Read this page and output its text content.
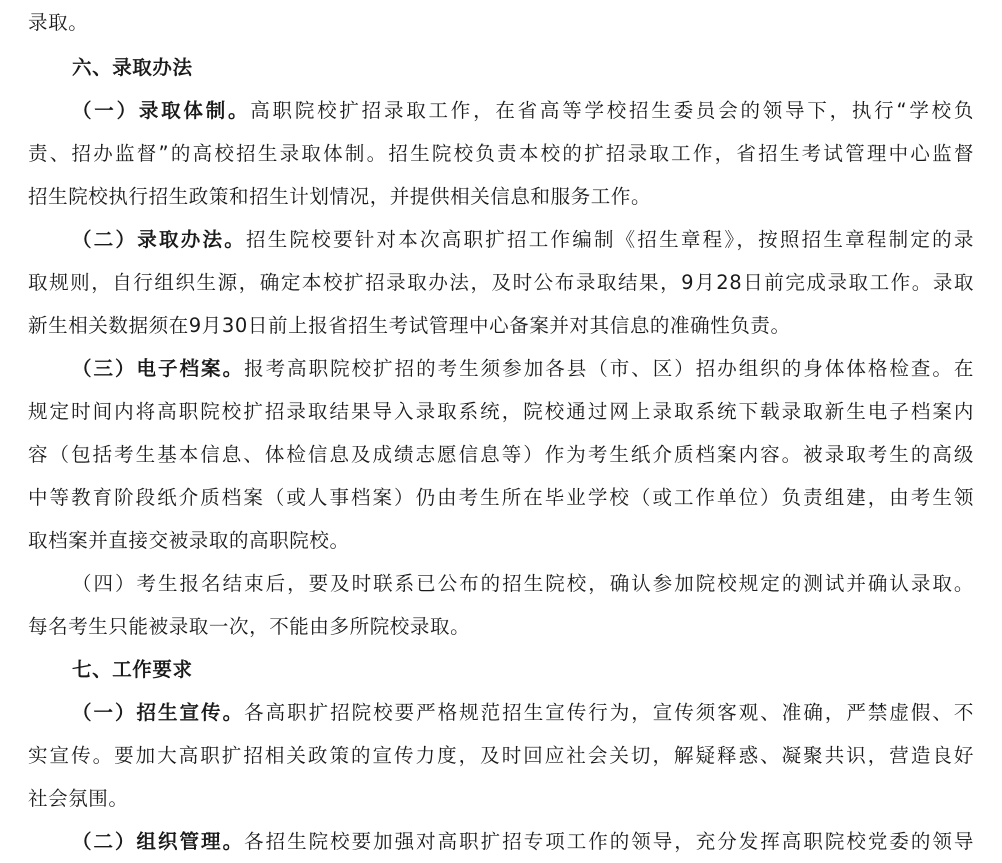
录取。
六、录取办法
（一）录取体制。高职院校扩招录取工作，在省高等学校招生委员会的领导下，执行“学校负
责、招办监督”的高校招生录取体制。招生院校负责本校的扩招录取工作，省招生考试管理中心监督
招生院校执行招生政策和招生计划情况，并提供相关信息和服务工作。
（二）录取办法。招生院校要针对本次高职扩招工作编制《招生章程》，按照招生章程制定的录
取规则，自行组织生源，确定本校扩招录取办法，及时公布录取结果，9月28日前完成录取工作。录取
新生相关数据须在9月30日前上报省招生考试管理中心备案并对其信息的准确性负责。
（三）电子档案。报考高职院校扩招的考生须参加各县（市、区）招办组织的身体体格检查。在
规定时间内将高职院校扩招录取结果导入录取系统，院校通过网上录取系统下载录取新生电子档案内
容（包括考生基本信息、体检信息及成绩志愿信息等）作为考生纸介质档案内容。被录取考生的高级
中等教育阶段纸介质档案（或人事档案）仍由考生所在毕业学校（或工作单位）负责组建，由考生领
取档案并直接交被录取的高职院校。
（四）考生报名结束后，要及时联系已公布的招生院校，确认参加院校规定的测试并确认录取。
每名考生只能被录取一次，不能由多所院校录取。
七、工作要求
（一）招生宣传。各高职扩招院校要严格规范招生宣传行为，宣传须客观、准确，严禁虚假、不
实宣传。要加大高职扩招相关政策的宣传力度，及时回应社会关切，解疑释惑、凝聚共识，营造良好
社会氛围。
（二）组织管理。各招生院校要加强对高职扩招专项工作的领导，充分发挥高职院校党委的领导
